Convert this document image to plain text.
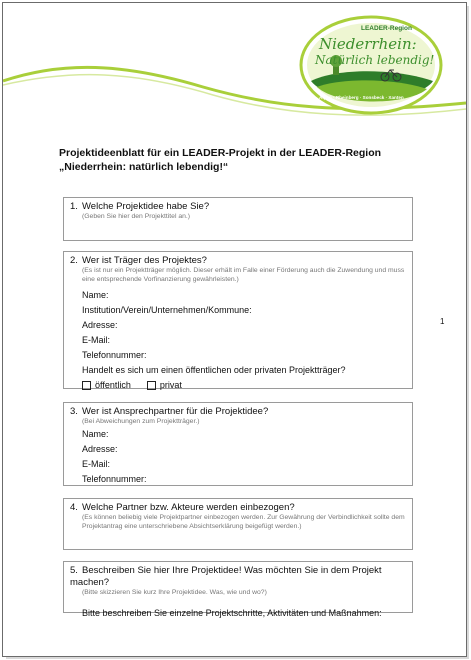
LEADER-Region
Niederrhein:
Natürlich lebendig!
Alpen · Rheinberg · Sonsbeck · Xanten
Projektideenblatt für ein LEADER-Projekt in der LEADER-Region „Niederrhein: natürlich lebendig!“
1. Welche Projektidee habe Sie?
(Geben Sie hier den Projekttitel an.)
2. Wer ist Träger des Projektes?
(Es ist nur ein Projektträger möglich. Dieser erhält im Falle einer Förderung auch die Zuwendung und muss eine entsprechende Vorfinanzierung gewährleisten.)
Name:
Institution/Verein/Unternehmen/Kommune:
Adresse:
E-Mail:
Telefonnummer:
Handelt es sich um einen öffentlichen oder privaten Projektträger?
öffentlich	privat
3. Wer ist Ansprechpartner für die Projektidee?
(Bei Abweichungen zum Projektträger.)
Name:
Adresse:
E-Mail:
Telefonnummer:
4. Welche Partner bzw. Akteure werden einbezogen?
(Es können beliebig viele Projektpartner einbezogen werden. Zur Gewährung der Verbindlichkeit sollte dem Projektantrag eine unterschriebene Absichtserklärung beigefügt werden.)
5. Beschreiben Sie hier Ihre Projektidee! Was möchten Sie in dem Projekt machen?
(Bitte skizzieren Sie kurz Ihre Projektidee. Was, wie und wo?)
Bitte beschreiben Sie einzelne Projektschritte, Aktivitäten und Maßnahmen:
1
